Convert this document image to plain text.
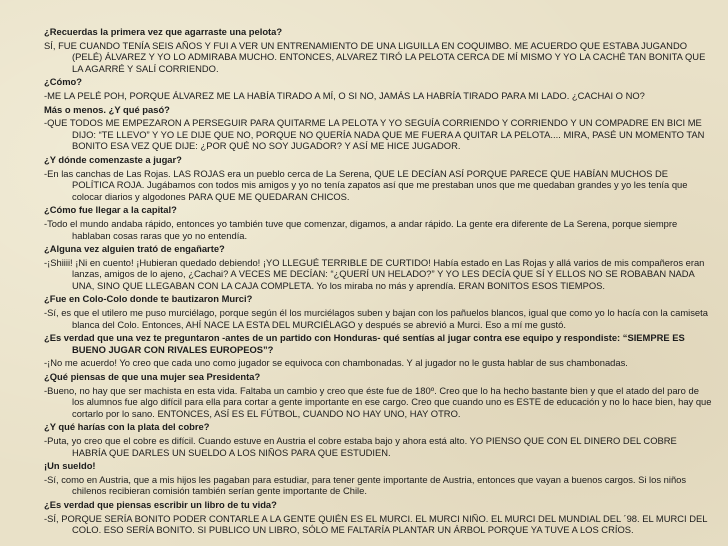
¿Recuerdas la primera vez que agarraste una pelota?

SÍ, FUE CUANDO TENÍA SEIS AÑOS Y FUI A VER UN ENTRENAMIENTO DE UNA LIGUILLA EN COQUIMBO. ME ACUERDO QUE ESTABA JUGANDO (PELÉ) ÁLVAREZ Y YO LO ADMIRABA MUCHO. ENTONCES, ALVAREZ TIRÓ LA PELOTA CERCA DE MÍ MISMO Y YO LA CACHÉ TAN BONITA QUE LA AGARRÉ Y SALÍ CORRIENDO.

¿Cómo?

-ME LA PELÉ POH, PORQUE ÁLVAREZ ME LA HABÍA TIRADO A MÍ, O SI NO, JAMÁS LA HABRÍA TIRADO PARA MI LADO. ¿CACHAI O NO?

Más o menos. ¿Y qué pasó?

-QUE TODOS ME EMPEZARON A PERSEGUIR PARA QUITARME LA PELOTA Y YO SEGUÍA CORRIENDO Y CORRIENDO Y UN COMPADRE EN BICI ME DIJO: “TE LLEVO” Y YO LE DIJE QUE NO, PORQUE NO QUERÍA NADA QUE ME FUERA A QUITAR LA PELOTA.... MIRA, PASÉ UN MOMENTO TAN BONITO ESA VEZ QUE DIJE: ¿POR QUÉ NO SOY JUGADOR? Y ASÍ ME HICE JUGADOR.

¿Y dónde comenzaste a jugar?

-En las canchas de Las Rojas. LAS ROJAS era un pueblo cerca de La Serena, QUE LE DECÍAN ASÍ PORQUE PARECE QUE HABÍAN MUCHOS DE POLÍTICA ROJA. Jugábamos con todos mis amigos y yo no tenía zapatos así que me prestaban unos que me quedaban grandes y yo les tenía que colocar diarios y algodones PARA QUE ME QUEDARAN CHICOS.

¿Cómo fue llegar a la capital?

-Todo el mundo andaba rápido, entonces yo también tuve que comenzar, digamos, a andar rápido. La gente era diferente de La Serena, porque siempre hablaban cosas raras que yo no entendía.

¿Alguna vez alguien trató de engañarte?

-¡Shiiii! ¡Ni en cuento! ¡Hubieran quedado debiendo! ¡YO LLEGUÉ TERRIBLE DE CURTIDO! Había estado en Las Rojas y allá varios de mis compañeros eran lanzas, amigos de lo ajeno, ¿Cachai? A VECES ME DECÍAN: “¿QUERÍ UN HELADO?” Y YO LES DECÍA QUE SÍ Y ELLOS NO SE ROBABAN NADA UNA, SINO QUE LLEGABAN CON LA CAJA COMPLETA. Yo los miraba no más y aprendía. ERAN BONITOS ESOS TIEMPOS.

¿Fue en Colo-Colo donde te bautizaron Murci?

-Sí, es que el utilero me puso murciélago, porque según él los murciélagos suben y bajan con los pañuelos blancos, igual que como yo lo hacía con la camiseta blanca del Colo. Entonces, AHÍ NACE LA ESTA DEL MURCIÉLAGO y después se abrevió a Murci. Eso a mí me gustó.

¿Es verdad que una vez te preguntaron -antes de un partido con Honduras- qué sentías al jugar contra ese equipo y respondiste: “SIEMPRE ES BUENO JUGAR CON RIVALES EUROPEOS”?

-¡No me acuerdo! Yo creo que cada uno como jugador se equivoca con chambonadas. Y al jugador no le gusta hablar de sus chambonadas.

¿Qué piensas de que una mujer sea Presidenta?

-Bueno, no hay que ser machista en esta vida. Faltaba un cambio y creo que éste fue de 180º. Creo que lo ha hecho bastante bien y que el atado del paro de los alumnos fue algo difícil para ella para cortar a gente importante en ese cargo. Creo que cuando uno es ESTE de educación y no lo hace bien, hay que cortarlo por lo sano. ENTONCES, ASÍ ES EL FÚTBOL, CUANDO NO HAY UNO, HAY OTRO.

¿Y qué harías con la plata del cobre?

-Puta, yo creo que el cobre es difícil. Cuando estuve en Austria el cobre estaba bajo y ahora está alto. YO PIENSO QUE CON EL DINERO DEL COBRE HABRÍA QUE DARLES UN SUELDO A LOS NIÑOS PARA QUE ESTUDIEN.

¡Un sueldo!

-Sí, como en Austria, que a mis hijos les pagaban para estudiar, para tener gente importante de Austria, entonces que vayan a buenos cargos. Si los niños chilenos recibieran comisión también serían gente importante de Chile.

¿Es verdad que piensas escribir un libro de tu vida?

-SÍ, PORQUE SERÍA BONITO PODER CONTARLE A LA GENTE QUIÉN ES EL MURCI. EL MURCI NIÑO. EL MURCI DEL MUNDIAL DEL ´98. EL MURCI DEL COLO. ESO SERÍA BONITO. SI PUBLICO UN LIBRO, SÓLO ME FALTARÍA PLANTAR UN ÁRBOL PORQUE YA TUVE A LOS CRÍOS.
